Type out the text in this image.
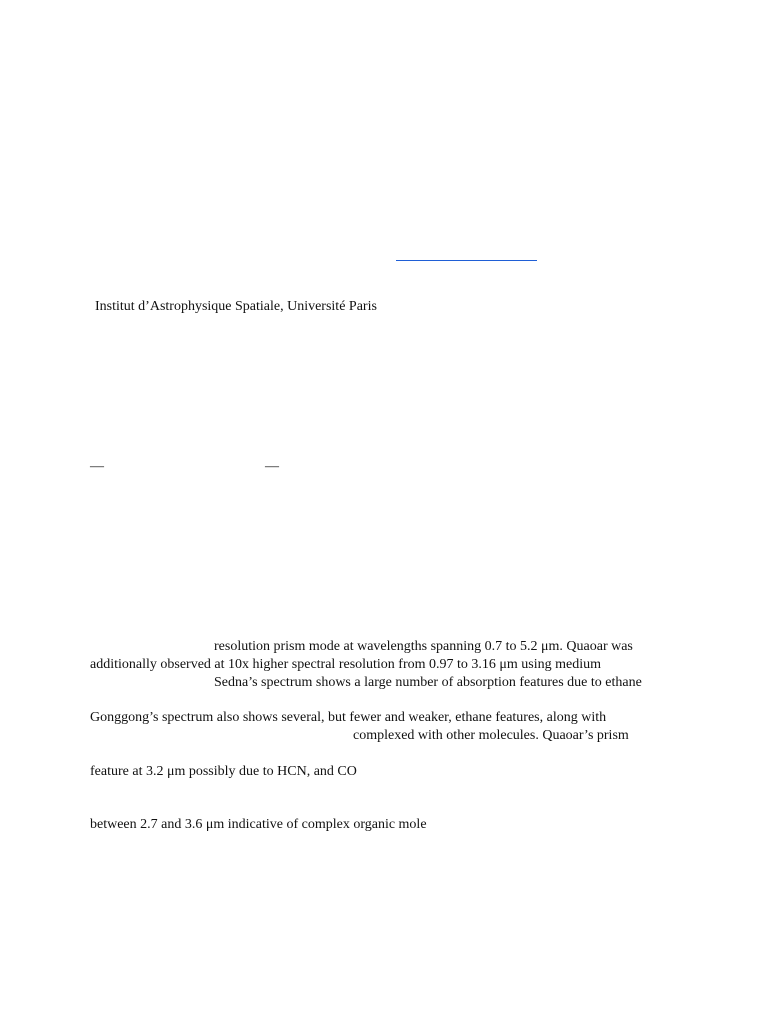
Institut d’Astrophysique Spatiale, Université Paris
—	—
resolution prism mode at wavelengths spanning 0.7 to 5.2 μm. Quaoar was
additionally observed at 10x higher spectral resolution from 0.97 to 3.16 μm using medium
Sedna’s spectrum shows a large number of absorption features due to ethane
Gonggong’s spectrum also shows several, but fewer and weaker, ethane features, along with
complexed with other molecules. Quaoar’s prism
feature at 3.2 μm possibly due to HCN, and CO
between 2.7 and 3.6 μm indicative of complex organic mole
